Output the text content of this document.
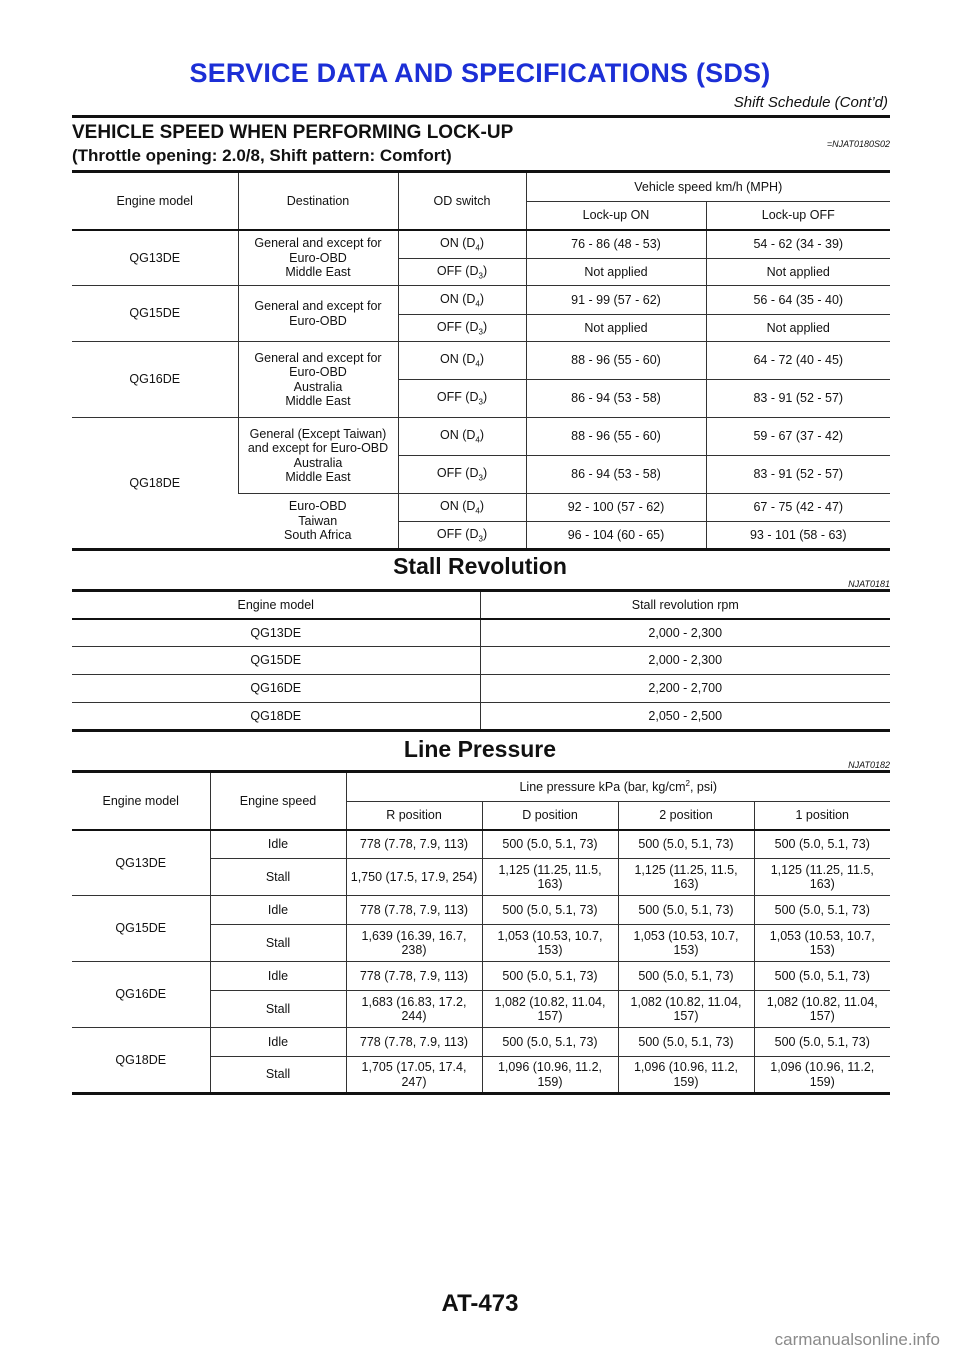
SERVICE DATA AND SPECIFICATIONS (SDS)
Shift Schedule (Cont’d)
VEHICLE SPEED WHEN PERFORMING LOCK-UP
=NJAT0180S02
(Throttle opening: 2.0/8, Shift pattern: Comfort)
Engine model	Destination	OD switch	Vehicle speed km/h (MPH)	
			Lock-up ON	Lock-up OFF
QG13DE	General and except for
Euro-OBD
Middle East	ON $(D_4)$	76 - 86 (48 - 53)	54 - 62 (34 - 39)
		OFF $(D_3)$	Not applied	Not applied
QG15DE	General and except for
Euro-OBD	ON $(D_4)$	91 - 99 (57 - 62)	56 - 64 (35 - 40)
		OFF $(D_3)$	Not applied	Not applied
QG16DE	General and except for
Euro-OBD
Australia
Middle East	ON $(D_4)$	88 - 96 (55 - 60)	64 - 72 (40 - 45)
		OFF $(D_3)$	86 - 94 (53 - 58)	83 - 91 (52 - 57)
QG18DE	General (Except Taiwan)
and except for Euro-OBD
Australia
Middle East	ON $(D_4)$	88 - 96 (55 - 60)	59 - 67 (37 - 42)
		OFF $(D_3)$	86 - 94 (53 - 58)	83 - 91 (52 - 57)

	Euro-OBD
Taiwan
South Africa	ON $(D_4)$	92 - 100 (57 - 62)	67 - 75 (42 - 47)
		OFF $(D_3)$	96 - 104 (60 - 65)	93 - 101 (58 - 63)
Stall Revolution
NJAT0181
Engine model	Stall revolution rpm
QG13DE	2,000 - 2,300
QG15DE	2,000 - 2,300
QG16DE	2,200 - 2,700
QG18DE	2,050 - 2,500
Line Pressure
NJAT0182
Engine model	Engine speed	Line pressure kPa (bar, $kg/cm^2$, psi)			
		R position	D position	2 position	1 position
QG13DE	Idle	778 (7.78, 7.9, 113)	500 (5.0, 5.1, 73)	500 (5.0, 5.1, 73)	500 (5.0, 5.1, 73)
	Stall	1,750 (17.5, 17.9, 254)	1,125 (11.25, 11.5, 163)	1,125 (11.25, 11.5, 163)	1,125 (11.25, 11.5, 163)
QG15DE	Idle	778 (7.78, 7.9, 113)	500 (5.0, 5.1, 73)	500 (5.0, 5.1, 73)	500 (5.0, 5.1, 73)
	Stall	1,639 (16.39, 16.7, 238)	1,053 (10.53, 10.7, 153)	1,053 (10.53, 10.7, 153)	1,053 (10.53, 10.7, 153)
QG16DE	Idle	778 (7.78, 7.9, 113)	500 (5.0, 5.1, 73)	500 (5.0, 5.1, 73)	500 (5.0, 5.1, 73)
	Stall	1,683 (16.83, 17.2, 244)	1,082 (10.82, 11.04, 157)	1,082 (10.82, 11.04, 157)	1,082 (10.82, 11.04, 157)
QG18DE	Idle	778 (7.78, 7.9, 113)	500 (5.0, 5.1, 73)	500 (5.0, 5.1, 73)	500 (5.0, 5.1, 73)
	Stall	1,705 (17.05, 17.4, 247)	1,096 (10.96, 11.2, 159)	1,096 (10.96, 11.2, 159)	1,096 (10.96, 11.2, 159)
AT-473
carmanualsonline.info
